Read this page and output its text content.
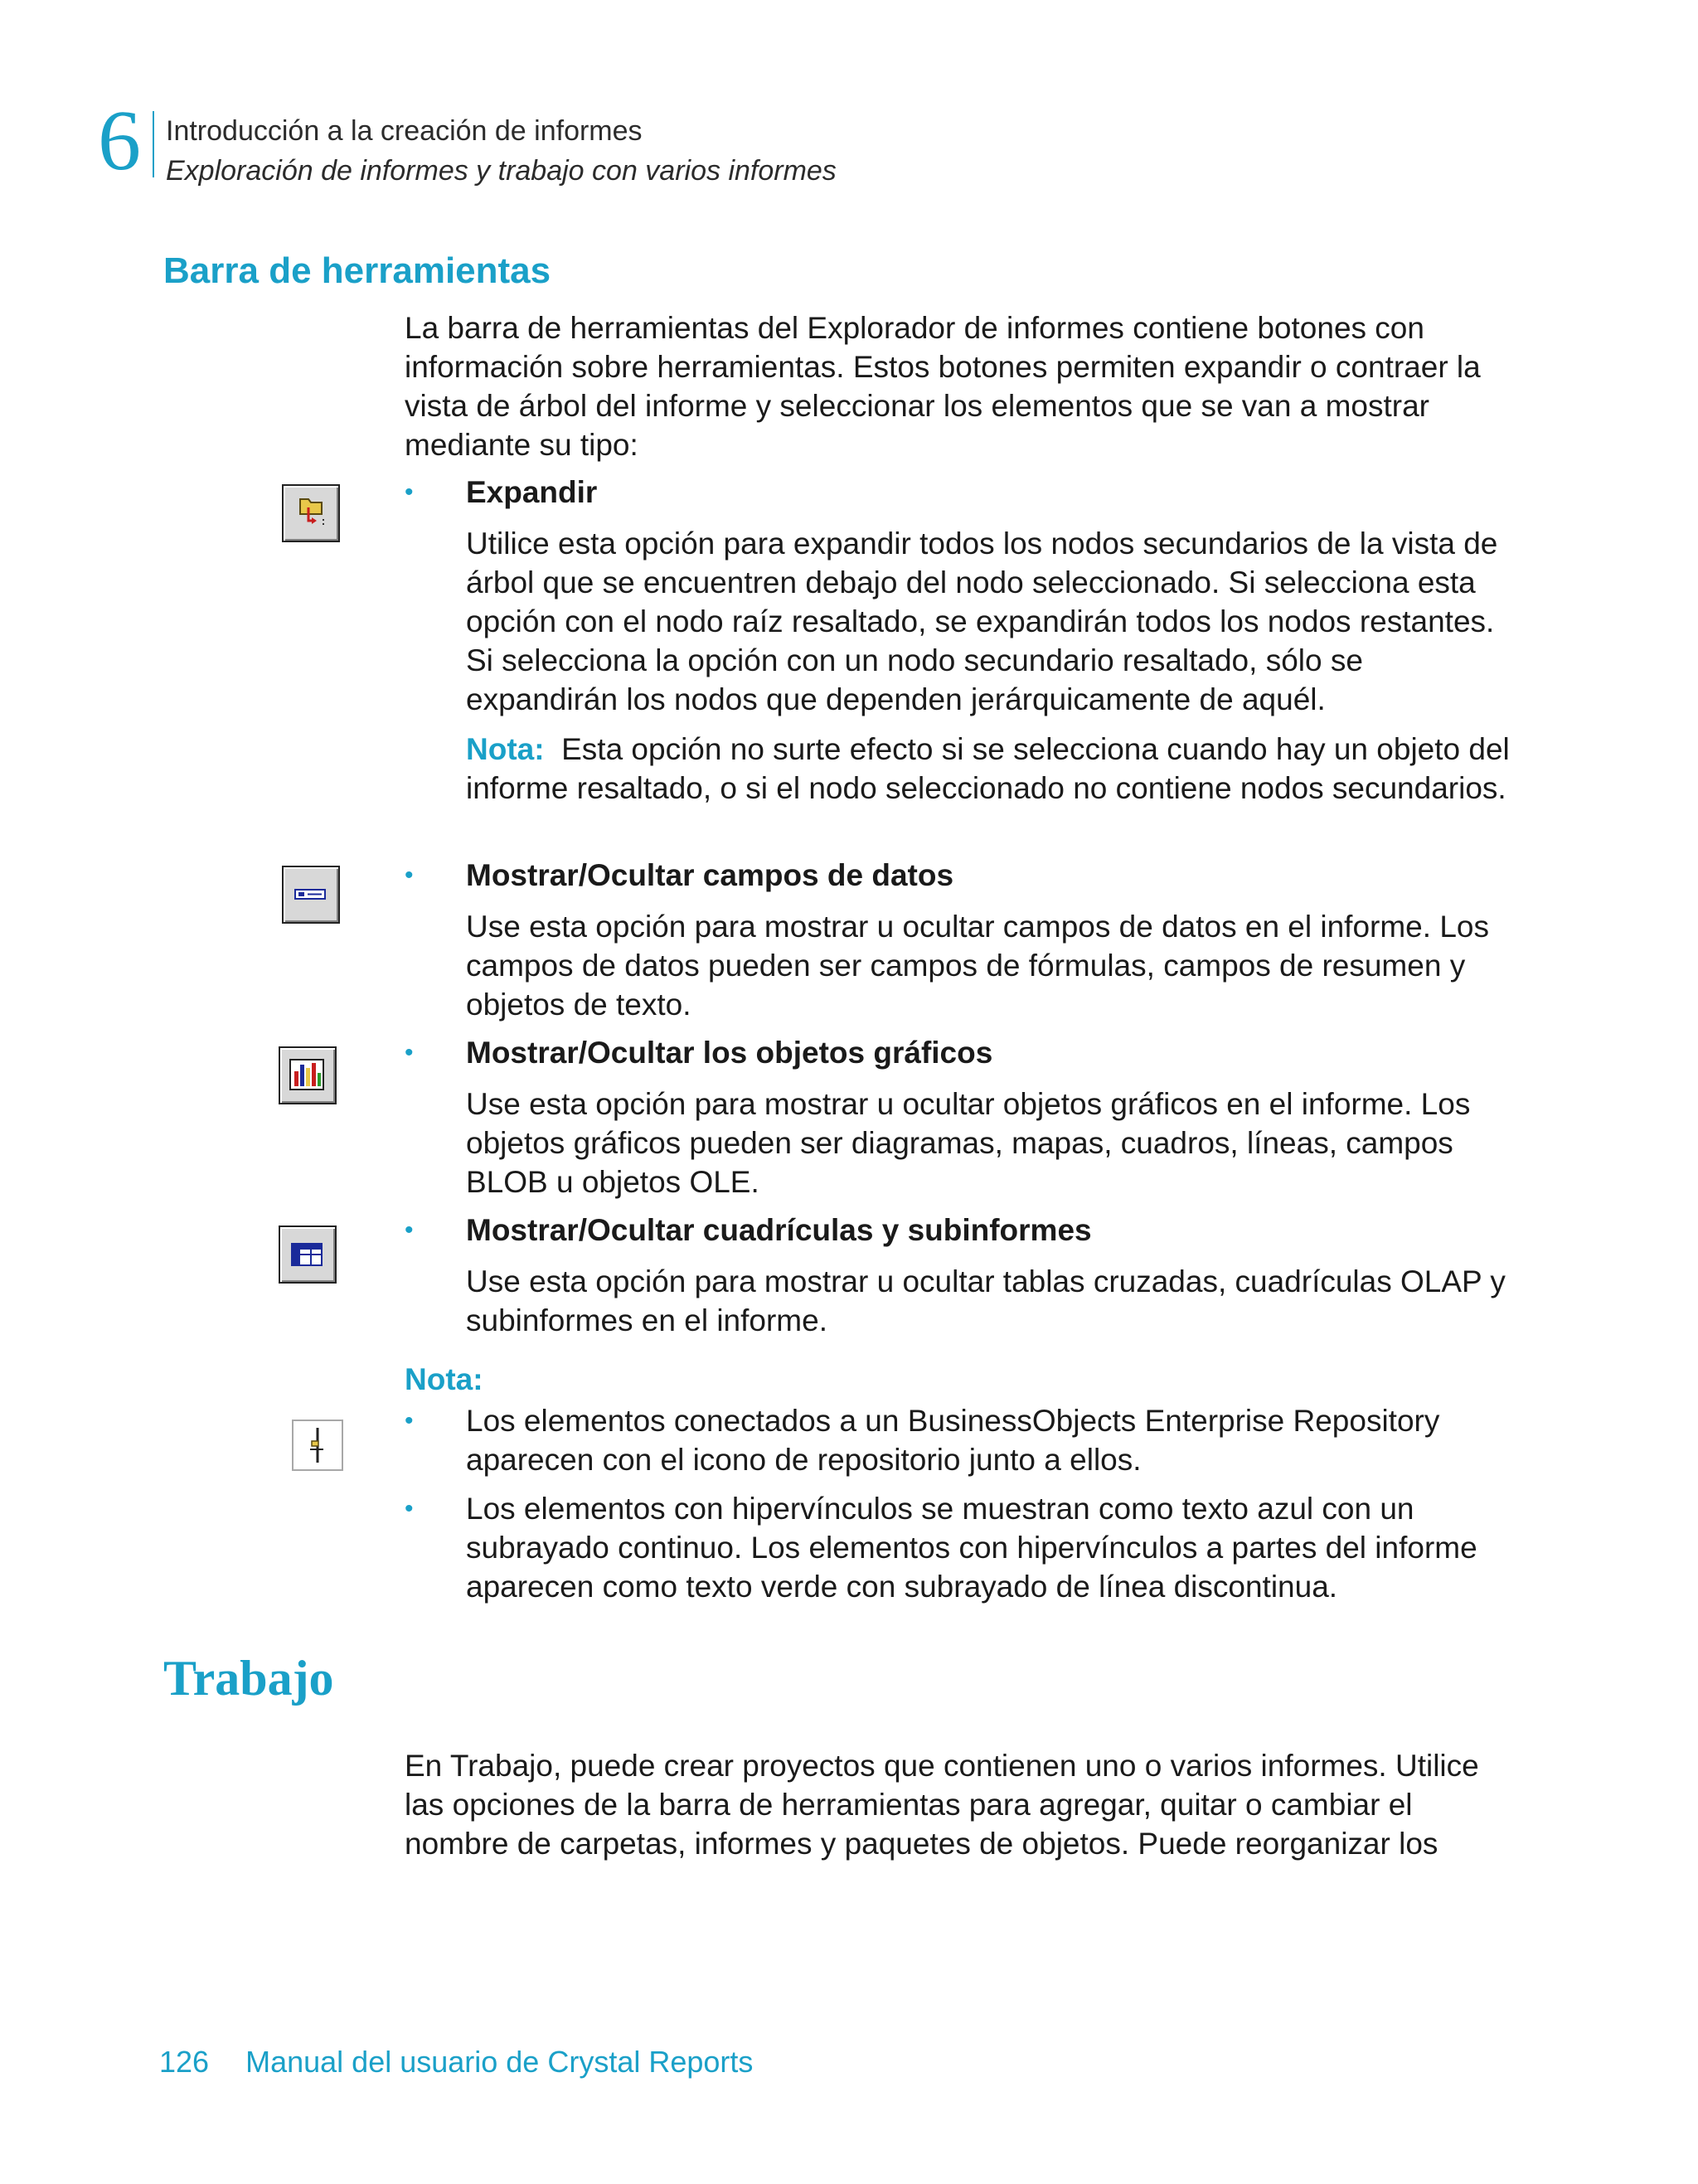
6 Introducción a la creación de informes
Exploración de informes y trabajo con varios informes
Barra de herramientas
La barra de herramientas del Explorador de informes contiene botones con información sobre herramientas. Estos botones permiten expandir o contraer la vista de árbol del informe y seleccionar los elementos que se van a mostrar mediante su tipo:
• Expandir
Utilice esta opción para expandir todos los nodos secundarios de la vista de árbol que se encuentren debajo del nodo seleccionado. Si selecciona esta opción con el nodo raíz resaltado, se expandirán todos los nodos restantes. Si selecciona la opción con un nodo secundario resaltado, sólo se expandirán los nodos que dependen jerárquicamente de aquél.
Nota: Esta opción no surte efecto si se selecciona cuando hay un objeto del informe resaltado, o si el nodo seleccionado no contiene nodos secundarios.
• Mostrar/Ocultar campos de datos
Use esta opción para mostrar u ocultar campos de datos en el informe. Los campos de datos pueden ser campos de fórmulas, campos de resumen y objetos de texto.
• Mostrar/Ocultar los objetos gráficos
Use esta opción para mostrar u ocultar objetos gráficos en el informe. Los objetos gráficos pueden ser diagramas, mapas, cuadros, líneas, campos BLOB u objetos OLE.
• Mostrar/Ocultar cuadrículas y subinformes
Use esta opción para mostrar u ocultar tablas cruzadas, cuadrículas OLAP y subinformes en el informe.
Nota:
• Los elementos conectados a un BusinessObjects Enterprise Repository aparecen con el icono de repositorio junto a ellos.
• Los elementos con hipervínculos se muestran como texto azul con un subrayado continuo. Los elementos con hipervínculos a partes del informe aparecen como texto verde con subrayado de línea discontinua.
Trabajo
En Trabajo, puede crear proyectos que contienen uno o varios informes. Utilice las opciones de la barra de herramientas para agregar, quitar o cambiar el nombre de carpetas, informes y paquetes de objetos. Puede reorganizar los
126 Manual del usuario de Crystal Reports
